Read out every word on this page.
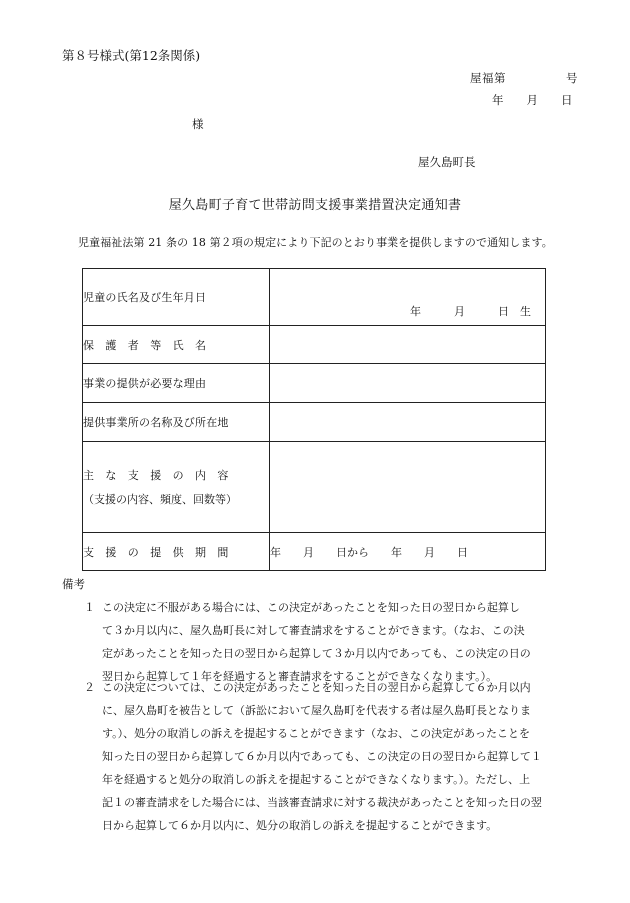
第８号様式(第12条関係)
屋福第　　　　　号
年　　月　　日
様
屋久島町長
屋久島町子育て世帯訪問支援事業措置決定通知書
児童福祉法第 21 条の 18 第２項の規定により下記のとおり事業を提供しますので通知します。
児童の氏名及び生年月日	年　　　月　　　日　生

保　護　者　等　氏　名	
事業の提供が必要な理由	
提供事業所の名称及び所在地	

主　な　支　援　の　内　容
（支援の内容、頻度、回数等）	

支　援　の　提　供　期　間	年　　月　　日から　　年　　月　　日
備考
１ この決定に不服がある場合には、この決定があったことを知った日の翌日から起算し
て３か月以内に、屋久島町長に対して審査請求をすることができます。（なお、この決
定があったことを知った日の翌日から起算して３か月以内であっても、この決定の日の
翌日から起算して１年を経過すると審査請求をすることができなくなります。）。
２ この決定については、この決定があったことを知った日の翌日から起算して６か月以内
に、屋久島町を被告として（訴訟において屋久島町を代表する者は屋久島町長となりま
す。）、処分の取消しの訴えを提起することができます（なお、この決定があったことを
知った日の翌日から起算して６か月以内であっても、この決定の日の翌日から起算して１
年を経過すると処分の取消しの訴えを提起することができなくなります。）。ただし、上
記１の審査請求をした場合には、当該審査請求に対する裁決があったことを知った日の翌
日から起算して６か月以内に、処分の取消しの訴えを提起することができます。
